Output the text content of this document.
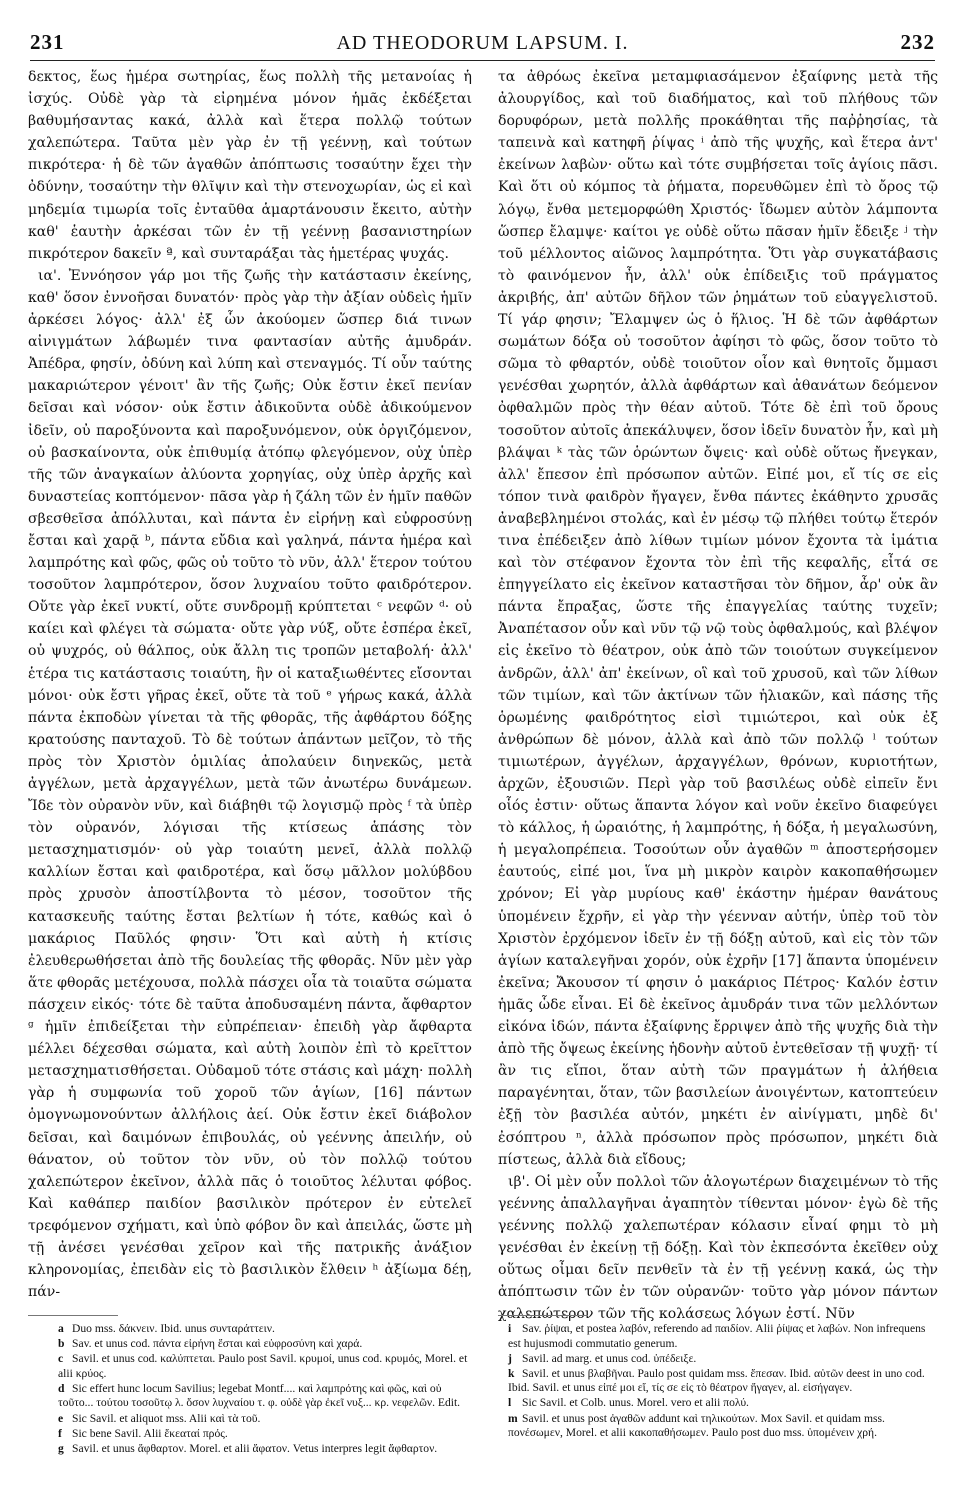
231	AD THEODORUM LAPSUM. I.	232

δεκτος, ἕως ἡμέρα σωτηρίας, ἕως πολλὴ τῆς μετανοίας ἡ ἰσχύς. Οὐδὲ γὰρ τὰ εἰρημένα μόνον ἡμᾶς ἐκδέξεται βαθυμήσαντας κακά, ἀλλὰ καὶ ἕτερα πολλῷ τούτων χαλεπώτερα. Ταῦτα μὲν γὰρ ἐν τῇ γεέννῃ, καὶ τούτων πικρότερα· ἡ δὲ τῶν ἀγαθῶν ἀπόπτωσις τοσαύτην ἔχει τὴν ὀδύνην, τοσαύτην τὴν θλῖψιν καὶ τὴν στενοχωρίαν, ὡς εἰ καὶ μηδεμία τιμωρία τοῖς ἐνταῦθα ἁμαρτάνουσιν ἔκειτο, αὐτὴν καθ' ἑαυτὴν ἀρκέσαι τῶν ἐν τῇ γεέννῃ βασανιστηρίων πικρότερον δακεῖν ª, καὶ συνταράξαι τὰς ἡμετέρας ψυχάς.

ια'. Ἐννόησον γάρ μοι τῆς ζωῆς τὴν κατάστασιν ἐκείνης, καθ' ὅσον ἐννοῆσαι δυνατόν· πρὸς γὰρ τὴν ἀξίαν οὐδεὶς ἡμῖν ἀρκέσει λόγος· ἀλλ' ἐξ ὧν ἀκούομεν ὥσπερ διά τινων αἰνιγμάτων λάβωμέν τινα φαντασίαν αὐτῆς ἀμυδράν. Ἀπέδρα, φησίν, ὀδύνη καὶ λύπη καὶ στεναγμός. Τί οὖν ταύτης μακαριώτερον γένοιτ' ἂν τῆς ζωῆς; Οὐκ ἔστιν ἐκεῖ πενίαν δεῖσαι καὶ νόσον· οὐκ ἔστιν ἀδικοῦντα οὐδὲ ἀδικούμενον ἰδεῖν, οὐ παροξύνοντα καὶ παροξυνόμενον, οὐκ ὀργιζόμενον, οὐ βασκαίνοντα, οὐκ ἐπιθυμίᾳ ἀτόπῳ φλεγόμενον, οὐχ ὑπὲρ τῆς τῶν ἀναγκαίων ἀλύοντα χορηγίας, οὐχ ὑπὲρ ἀρχῆς καὶ δυναστείας κοπτόμενον· πᾶσα γὰρ ἡ ζάλη τῶν ἐν ἡμῖν παθῶν σβεσθεῖσα ἀπόλλυται, καὶ πάντα ἐν εἰρήνῃ καὶ εὐφροσύνῃ ἔσται καὶ χαρᾷ ᵇ, πάντα εὔδια καὶ γαληνά, πάντα ἡμέρα καὶ λαμπρότης καὶ φῶς, φῶς οὐ τοῦτο τὸ νῦν, ἀλλ' ἕτερον τούτου τοσοῦτον λαμπρότερον, ὅσον λυχναίου τοῦτο φαιδρότερον. Οὔτε γὰρ ἐκεῖ νυκτί, οὔτε συνδρομῇ κρύπτεται ᶜ νεφῶν ᵈ· οὐ καίει καὶ φλέγει τὰ σώματα· οὔτε γὰρ νύξ, οὔτε ἑσπέρα ἐκεῖ, οὐ ψυχρός, οὐ θάλπος, οὐκ ἄλλη τις τροπῶν μεταβολή· ἀλλ' ἑτέρα τις κατάστασις τοιαύτη, ἣν οἱ καταξιωθέντες εἴσονται μόνοι· οὐκ ἔστι γῆρας ἐκεῖ, οὔτε τὰ τοῦ ᵉ γήρως κακά, ἀλλὰ πάντα ἐκποδὼν γίνεται τὰ τῆς φθορᾶς, τῆς ἀφθάρτου δόξης κρατούσης πανταχοῦ. Τὸ δὲ τούτων ἁπάντων μεῖζον, τὸ τῆς πρὸς τὸν Χριστὸν ὁμιλίας ἀπολαύειν διηνεκῶς, μετὰ ἀγγέλων, μετὰ ἀρχαγγέλων, μετὰ τῶν ἀνωτέρω δυνάμεων. Ἴδε τὸν οὐρανὸν νῦν, καὶ διάβηθι τῷ λογισμῷ πρὸς ᶠ τὰ ὑπὲρ τὸν οὐρανόν, λόγισαι τῆς κτίσεως ἁπάσης τὸν μετασχηματισμόν· οὐ γὰρ τοιαύτη μενεῖ, ἀλλὰ πολλῷ καλλίων ἔσται καὶ φαιδροτέρα, καὶ ὅσῳ μᾶλλον μολύβδου πρὸς χρυσὸν ἀποστίλβοντα τὸ μέσον, τοσοῦτον τῆς κατασκευῆς ταύτης ἔσται βελτίων ἡ τότε, καθώς καὶ ὁ μακάριος Παῦλός φησιν· Ὅτι καὶ αὐτὴ ἡ κτίσις ἐλευθερωθήσεται ἀπὸ τῆς δουλείας τῆς φθορᾶς. Νῦν μὲν γὰρ ἅτε φθορᾶς μετέχουσα, πολλὰ πάσχει οἷα τὰ τοιαῦτα σώματα πάσχειν εἰκός· τότε δὲ ταῦτα ἀποδυσαμένη πάντα, ἄφθαρτον ᵍ ἡμῖν ἐπιδείξεται τὴν εὐπρέπειαν· ἐπειδὴ γὰρ ἄφθαρτα μέλλει δέχεσθαι σώματα, καὶ αὐτὴ λοιπὸν ἐπὶ τὸ κρεῖττον μετασχηματισθήσεται. Οὐδαμοῦ τότε στάσις καὶ μάχη· πολλὴ γὰρ ἡ συμφωνία τοῦ χοροῦ τῶν ἁγίων, [16] πάντων ὁμογνωμονούντων ἀλλήλοις ἀεί. Οὐκ ἔστιν ἐκεῖ διάβολον δεῖσαι, καὶ δαιμόνων ἐπιβουλάς, οὐ γεέννης ἀπειλήν, οὐ θάνατον, οὐ τοῦτον τὸν νῦν, οὐ τὸν πολλῷ τούτου χαλεπώτερον ἐκεῖνον, ἀλλὰ πᾶς ὁ τοιοῦτος λέλυται φόβος. Καὶ καθάπερ παιδίον βασιλικὸν πρότερον ἐν εὐτελεῖ τρεφόμενον σχήματι, καὶ ὑπὸ φόβον ὂν καὶ ἀπειλάς, ὥστε μὴ τῇ ἀνέσει γενέσθαι χεῖρον καὶ τῆς πατρικῆς ἀνάξιον κληρονομίας, ἐπειδὰν εἰς τὸ βασιλικὸν ἔλθειν ʰ ἀξίωμα δέῃ, πάν-

τα ἀθρόως ἐκεῖνα μεταμφιασάμενον ἐξαίφνης μετὰ τῆς ἀλουργίδος, καὶ τοῦ διαδήματος, καὶ τοῦ πλήθους τῶν δορυφόρων, μετὰ πολλῆς προκάθηται τῆς παῤῥησίας, τὰ ταπεινὰ καὶ κατηφῆ ῥίψας ⁱ ἀπὸ τῆς ψυχῆς, καὶ ἕτερα ἀντ' ἐκείνων λαβὼν· οὕτω καὶ τότε συμβήσεται τοῖς ἁγίοις πᾶσι. Καὶ ὅτι οὐ κόμπος τὰ ῥήματα, πορευθῶμεν ἐπὶ τὸ ὄρος τῷ λόγῳ, ἔνθα μετεμορφώθη Χριστός· ἴδωμεν αὐτὸν λάμποντα ὥσπερ ἔλαμψε· καίτοι γε οὐδὲ οὕτω πᾶσαν ἡμῖν ἔδειξε ʲ τὴν τοῦ μέλλοντος αἰῶνος λαμπρότητα. Ὅτι γὰρ συγκατάβασις τὸ φαινόμενον ἦν, ἀλλ' οὐκ ἐπίδειξις τοῦ πράγματος ἀκριβής, ἀπ' αὐτῶν δῆλον τῶν ῥημάτων τοῦ εὐαγγελιστοῦ. Τί γάρ φησιν; Ἔλαμψεν ὡς ὁ ἥλιος. Ἡ δὲ τῶν ἀφθάρτων σωμάτων δόξα οὐ τοσοῦτον ἀφίησι τὸ φῶς, ὅσον τοῦτο τὸ σῶμα τὸ φθαρτόν, οὐδὲ τοιοῦτον οἷον καὶ θνητοῖς ὄμμασι γενέσθαι χωρητόν, ἀλλὰ ἀφθάρτων καὶ ἀθανάτων δεόμενον ὀφθαλμῶν πρὸς τὴν θέαν αὐτοῦ. Τότε δὲ ἐπὶ τοῦ ὄρους τοσοῦτον αὐτοῖς ἀπεκάλυψεν, ὅσον ἰδεῖν δυνατὸν ἦν, καὶ μὴ βλάψαι ᵏ τὰς τῶν ὁρώντων ὄψεις· καὶ οὐδὲ οὕτως ἤνεγκαν, ἀλλ' ἔπεσον ἐπὶ πρόσωπον αὐτῶν. Εἰπέ μοι, εἴ τίς σε εἰς τόπον τινὰ φαιδρὸν ἤγαγεν, ἔνθα πάντες ἐκάθηντο χρυσᾶς ἀναβεβλημένοι στολάς, καὶ ἐν μέσῳ τῷ πλήθει τούτῳ ἕτερόν τινα ἐπέδειξεν ἀπὸ λίθων τιμίων μόνον ἔχοντα τὰ ἱμάτια καὶ τὸν στέφανον ἔχοντα τὸν ἐπὶ τῆς κεφαλῆς, εἶτά σε ἐπηγγείλατο εἰς ἐκεῖνον καταστῆσαι τὸν δῆμον, ἆρ' οὐκ ἂν πάντα ἔπραξας, ὥστε τῆς ἐπαγγελίας ταύτης τυχεῖν; Ἀναπέτασον οὖν καὶ νῦν τῷ νῷ τοὺς ὀφθαλμούς, καὶ βλέψον εἰς ἐκεῖνο τὸ θέατρον, οὐκ ἀπὸ τῶν τοιούτων συγκείμενον ἀνδρῶν, ἀλλ' ἀπ' ἐκείνων, οἳ καὶ τοῦ χρυσοῦ, καὶ τῶν λίθων τῶν τιμίων, καὶ τῶν ἀκτίνων τῶν ἡλιακῶν, καὶ πάσης τῆς ὁρωμένης φαιδρότητος εἰσὶ τιμιώτεροι, καὶ οὐκ ἐξ ἀνθρώπων δὲ μόνον, ἀλλὰ καὶ ἀπὸ τῶν πολλῷ ˡ τούτων τιμιωτέρων, ἀγγέλων, ἀρχαγγέλων, θρόνων, κυριοτήτων, ἀρχῶν, ἐξουσιῶν. Περὶ γὰρ τοῦ βασιλέως οὐδὲ εἰπεῖν ἔνι οἷός ἐστιν· οὕτως ἅπαντα λόγον καὶ νοῦν ἐκεῖνο διαφεύγει τὸ κάλλος, ἡ ὡραιότης, ἡ λαμπρότης, ἡ δόξα, ἡ μεγαλωσύνη, ἡ μεγαλοπρέπεια. Τοσούτων οὖν ἀγαθῶν ᵐ ἀποστερήσομεν ἑαυτούς, εἰπέ μοι, ἵνα μὴ μικρὸν καιρὸν κακοπαθήσωμεν χρόνον; Εἰ γὰρ μυρίους καθ' ἑκάστην ἡμέραν θανάτους ὑπομένειν ἔχρῆν, εἰ γὰρ τὴν γέενναν αὐτήν, ὑπὲρ τοῦ τὸν Χριστὸν ἐρχόμενον ἰδεῖν ἐν τῇ δόξῃ αὐτοῦ, καὶ εἰς τὸν τῶν ἁγίων καταλεγῆναι χορόν, οὐκ ἐχρῆν [17] ἅπαντα ὑπομένειν ἐκεῖνα; Ἄκουσον τί φησιν ὁ μακάριος Πέτρος· Καλόν ἐστιν ἡμᾶς ὧδε εἶναι. Εἰ δὲ ἐκεῖνος ἀμυδράν τινα τῶν μελλόντων εἰκόνα ἰδών, πάντα ἐξαίφνης ἔρριψεν ἀπὸ τῆς ψυχῆς διὰ τὴν ἀπὸ τῆς ὄψεως ἐκείνης ἡδονὴν αὐτοῦ ἐντεθεῖσαν τῇ ψυχῇ· τί ἂν τις εἴποι, ὅταν αὐτὴ τῶν πραγμάτων ἡ ἀλήθεια παραγένηται, ὅταν, τῶν βασιλείων ἀνοιγέντων, κατοπτεύειν ἐξῇ τὸν βασιλέα αὐτόν, μηκέτι ἐν αἰνίγματι, μηδὲ δι' ἐσόπτρου ⁿ, ἀλλὰ πρόσωπον πρὸς πρόσωπον, μηκέτι διὰ πίστεως, ἀλλὰ διὰ εἴδους;

ιβ'. Οἱ μὲν οὖν πολλοὶ τῶν ἀλογωτέρων διαχειμένων τὸ τῆς γεέννης ἀπαλλαγῆναι ἀγαπητὸν τίθενται μόνον· ἐγὼ δὲ τῆς γεέννης πολλῷ χαλεπωτέραν κόλασιν εἶναί φημι τὸ μὴ γενέσθαι ἐν ἐκείνῃ τῇ δόξῃ. Καὶ τὸν ἐκπεσόντα ἐκεῖθεν οὐχ οὕτως οἶμαι δεῖν πενθεῖν τὰ ἐν τῇ γεέννῃ κακά, ὡς τὴν ἀπόπτωσιν τῶν ἐν τῶν οὐρανῶν· τοῦτο γὰρ μόνον πάντων χαλεπώτερον τῶν τῆς κολάσεως λόγων ἐστί. Νῦν

a Duo mss. δάκνειν. Ibid. unus συνταράττειν.
b Sav. et unus cod. πάντα εἰρήνη ἔσται καὶ εὐφροσύνη καὶ χαρά.
c Savil. et unus cod. καλύπτεται. Paulo post Savil. κρυμοί, unus cod. κρυμός, Morel. et alii κρύος.
d Sic effert hunc locum Savilius; legebat Montf.... καὶ λαμπρότης καὶ φῶς, καὶ οὐ τοῦτο... τούτου τοσοῦτῳ λ. ὅσον λυχναίου τ. φ. οὐδὲ γὰρ ἐκεῖ νυξ... κρ. νεφελῶν. Edit.
e Sic Savil. et aliquot mss. Alii καὶ τὰ τοῦ.
f Sic bene Savil. Alii ἔκεαταί πρός.
g Savil. et unus ἄφθαρτον. Morel. et alii ἄφατον. Vetus interpres legit ἄφθαρτον.
i Sav. ῥίψαι, et postea λαβόν, referendo ad παιδίον. Alii ῥίψας et λαβών. Non infrequens est hujusmodi commutatio generum.
j Savil. ad marg. et unus cod. ὑπέδειξε.
k Savil. et unus βλαβῆναι. Paulo post quidam mss. ἔπεσαν. Ibid. αὐτῶν deest in uno cod. Ibid. Savil. et unus εἰπέ μοι εἴ, τίς σε εἰς τὸ θέατρον ἤγαγεν, al. εἰσήγαγεν.
l Sic Savil. et Colb. unus. Morel. vero et alii πολύ.
m Savil. et unus post ἀγαθῶν addunt καὶ τηλικούτων. Mox Savil. et quidam mss. πονέσωμεν, Morel. et alii κακοπαθήσωμεν. Paulo post duo mss. ὑπομένειν χρή.
